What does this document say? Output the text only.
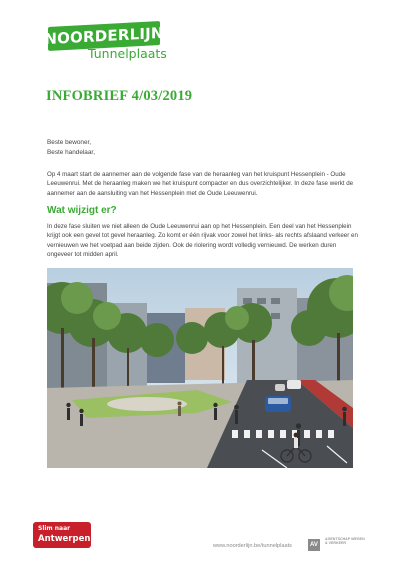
NOORDERLIJN
Tunnelplaats
INFOBRIEF 4/03/2019
Beste bewoner,
Beste handelaar,

Op 4 maart start de aannemer aan de volgende fase van de heraanleg van het kruispunt Hessenplein - Oude Leeuwenrui. Met de heraanleg maken we het kruispunt compacter en dus overzichtelijker. In deze fase werkt de aannemer aan de aansluiting van het Hessenplein met de Oude Leeuwenrui.

Wat wijzigt er?

In deze fase sluiten we niet alleen de Oude Leeuwenrui aan op het Hessenplein. Een deel van het Hessenplein krijgt ook een gevel tot gevel heraanleg. Zo komt er één rijvak voor zowel het links- als rechts afslaand verkeer en vernieuwen we het voetpad aan beide zijden. Ook de riolering wordt volledig vernieuwd. De werken duren ongeveer tot midden april.

Slim naar
Antwerpen
www.noorderlijn.be/tunnelplaats	AV
AGENTSCHAP WEGEN & VERKEER
